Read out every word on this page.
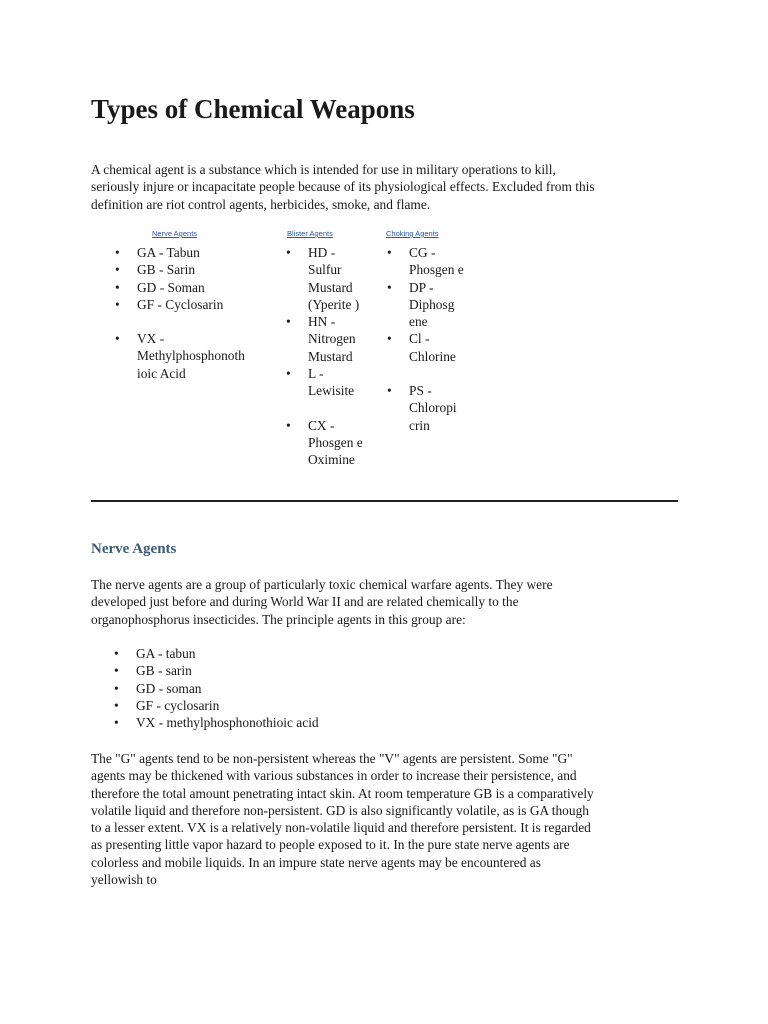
Types of Chemical Weapons

A chemical agent is a substance which is intended for use in military operations to kill, seriously injure or incapacitate people because of its physiological effects. Excluded from this definition are riot control agents, herbicides, smoke, and flame.

Nerve Agents
• GA - Tabun
• GB - Sarin
• GD - Soman
• GF - Cyclosarin
• VX - Methylphosphonoth ioic Acid
Blister Agents
• HD - Sulfur Mustard (Yperite )
• HN - Nitrogen Mustard
• L - Lewisite
• CX - Phosgen e Oximine
Choking Agents
• CG - Phosgen e
• DP - Diphosg ene
• Cl - Chlorine
• PS - Chloropi crin
Nerve Agents

The nerve agents are a group of particularly toxic chemical warfare agents. They were developed just before and during World War II and are related chemically to the organophosphorus insecticides. The principle agents in this group are:

• GA - tabun
• GB - sarin
• GD - soman
• GF - cyclosarin
• VX - methylphosphonothioic acid

The "G" agents tend to be non-persistent whereas the "V" agents are persistent. Some "G" agents may be thickened with various substances in order to increase their persistence, and therefore the total amount penetrating intact skin. At room temperature GB is a comparatively volatile liquid and therefore non-persistent. GD is also significantly volatile, as is GA though to a lesser extent. VX is a relatively non-volatile liquid and therefore persistent. It is regarded as presenting little vapor hazard to people exposed to it. In the pure state nerve agents are colorless and mobile liquids. In an impure state nerve agents may be encountered as yellowish to
